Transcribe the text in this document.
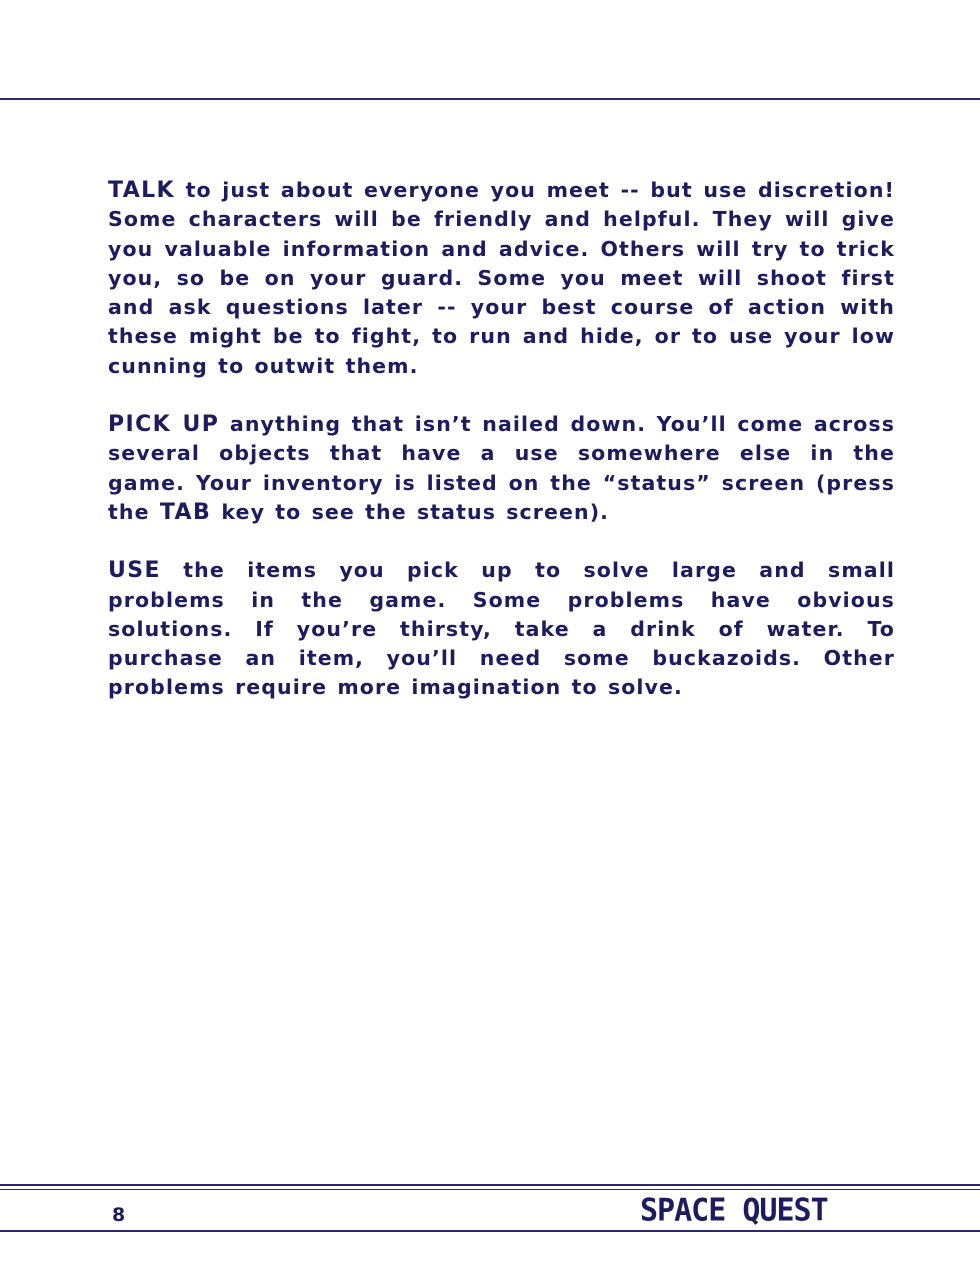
TALK to just about everyone you meet -- but use discretion! Some characters will be friendly and helpful. They will give you valuable information and advice. Others will try to trick you, so be on your guard. Some you meet will shoot first and ask questions later -- your best course of action with these might be to fight, to run and hide, or to use your low cunning to outwit them.

PICK UP anything that isn’t nailed down. You’ll come across several objects that have a use somewhere else in the game. Your inventory is listed on the “status” screen (press the TAB key to see the status screen).

USE the items you pick up to solve large and small problems in the game. Some problems have obvious solutions. If you’re thirsty, take a drink of water. To purchase an item, you’ll need some buckazoids. Other problems require more imagination to solve.

8	SPACE QUEST
